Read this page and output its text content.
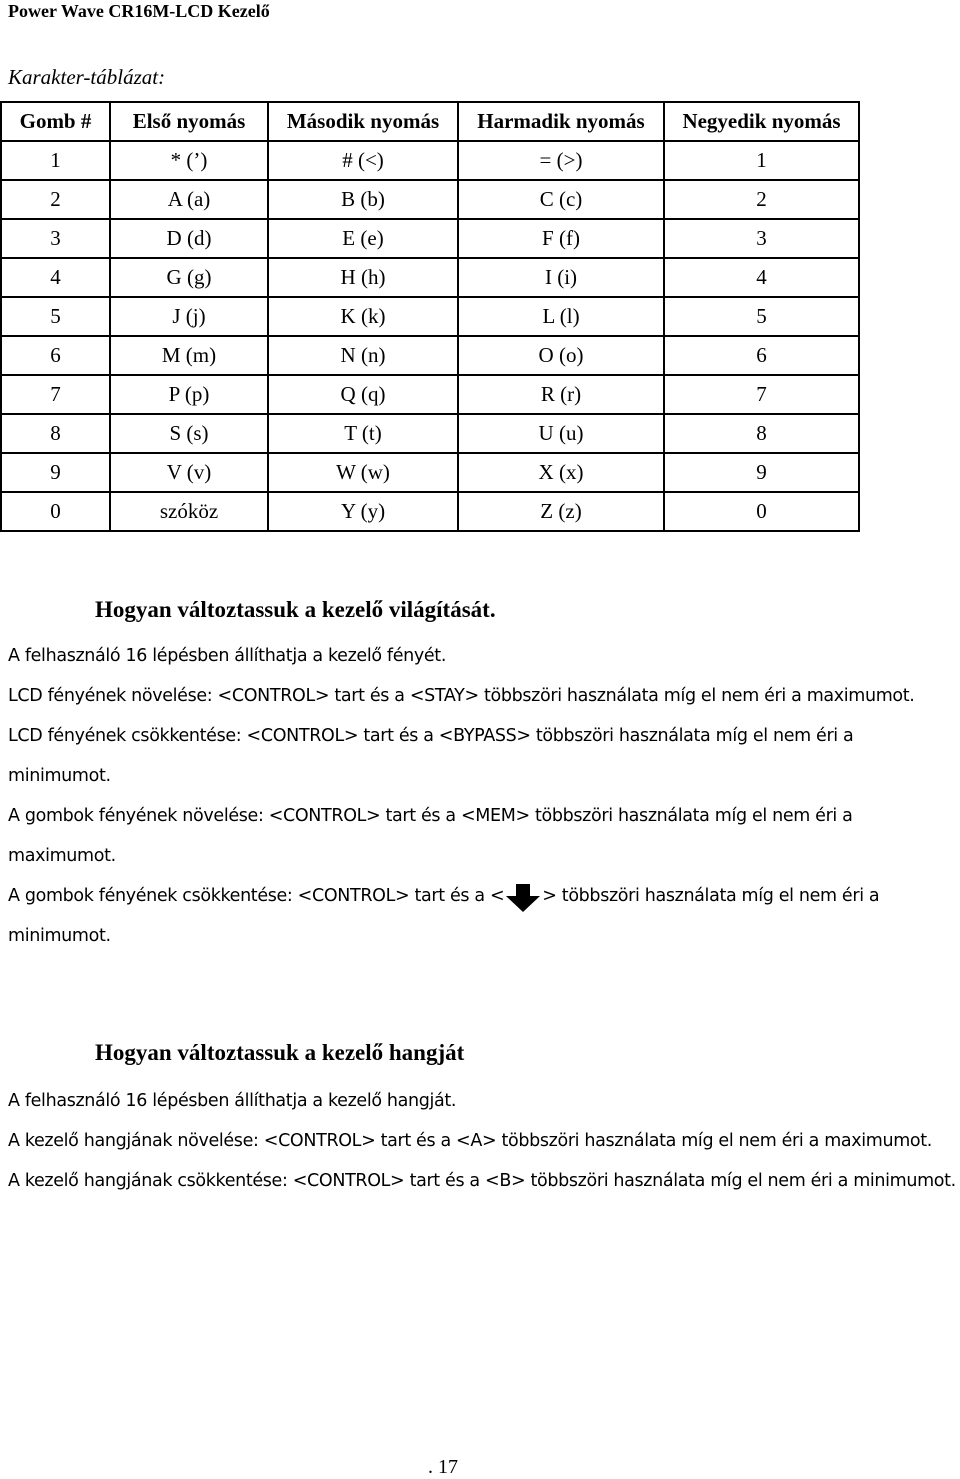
Power Wave CR16M-LCD Kezelő
Karakter-táblázat:
Gomb #	Első nyomás	Második nyomás	Harmadik nyomás	Negyedik nyomás
1	* (’)	# (<)	= (>)	1
2	A (a)	B (b)	C (c)	2
3	D (d)	E (e)	F (f)	3
4	G (g)	H (h)	I (i)	4
5	J (j)	K (k)	L (l)	5
6	M (m)	N (n)	O (o)	6
7	P (p)	Q (q)	R (r)	7
8	S (s)	T (t)	U (u)	8
9	V (v)	W (w)	X (x)	9
0	szóköz	Y (y)	Z (z)	0
Hogyan változtassuk a kezelő világítását.

A felhasználó 16 lépésben állíthatja a kezelő fényét.

LCD fényének növelése: <CONTROL> tart és a <STAY> többszöri használata míg el nem éri a maximumot.

LCD fényének csökkentése: <CONTROL> tart és a <BYPASS> többszöri használata míg el nem éri a minimumot.

A gombok fényének növelése: <CONTROL> tart és a <MEM> többszöri használata míg el nem éri a maximumot.

A gombok fényének csökkentése: <CONTROL> tart és a < > többszöri használata míg el nem éri a minimumot.

Hogyan változtassuk a kezelő hangját

A felhasználó 16 lépésben állíthatja a kezelő hangját.

A kezelő hangjának növelése: <CONTROL> tart és a <A> többszöri használata míg el nem éri a maximumot.

A kezelő hangjának csökkentése: <CONTROL> tart és a <B> többszöri használata míg el nem éri a minimumot.

. 17
